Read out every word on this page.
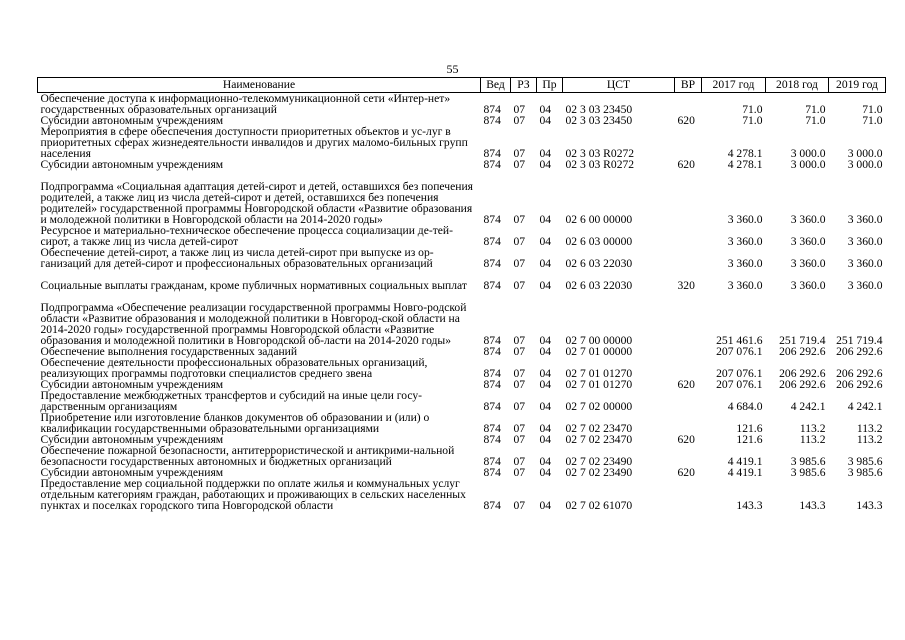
55
Наименование	Вед	РЗ	Пр	ЦСТ	ВР	2017 год	2018 год	2019 год
Обеспечение доступа к информационно-телекоммуникационной сети «Интер-нет» государственных образовательных организаций	874	07	04	02 3 03 23450		71.0	71.0	71.0
Субсидии автономным учреждениям	874	07	04	02 3 03 23450	620	71.0	71.0	71.0
Мероприятия в сфере обеспечения доступности приоритетных объектов и ус-луг в приоритетных сферах жизнедеятельности инвалидов и других маломо-бильных групп населения	874	07	04	02 3 03 R0272		4 278.1	3 000.0	3 000.0
Субсидии автономным учреждениям	874	07	04	02 3 03 R0272	620	4 278.1	3 000.0	3 000.0
Подпрограмма «Социальная адаптация детей-сирот и детей, оставшихся без попечения родителей, а также лиц из числа детей-сирот и детей, оставшихся без попечения родителей» государственной программы Новгородской области «Развитие образования и молодежной политики в Новгородской области на 2014-2020 годы»	874	07	04	02 6 00 00000		3 360.0	3 360.0	3 360.0
Ресурсное и материально-техническое обеспечение процесса социализации де-тей-сирот, а также лиц из числа детей-сирот	874	07	04	02 6 03 00000		3 360.0	3 360.0	3 360.0
Обеспечение детей-сирот, а также лиц из числа детей-сирот при выпуске из ор-ганизаций для детей-сирот и профессиональных образовательных организаций	874	07	04	02 6 03 22030		3 360.0	3 360.0	3 360.0
Социальные выплаты гражданам, кроме публичных нормативных социальных выплат	874	07	04	02 6 03 22030	320	3 360.0	3 360.0	3 360.0
Подпрограмма «Обеспечение реализации государственной программы Новго-родской области «Развитие образования и молодежной политики в Новгород-ской области на 2014-2020 годы» государственной программы Новгородской области «Развитие образования и молодежной политики в Новгородской об-ласти на 2014-2020 годы»	874	07	04	02 7 00 00000		251 461.6	251 719.4	251 719.4
Обеспечение выполнения государственных заданий	874	07	04	02 7 01 00000		207 076.1	206 292.6	206 292.6
Обеспечение деятельности профессиональных образовательных организаций, реализующих программы подготовки специалистов среднего звена	874	07	04	02 7 01 01270		207 076.1	206 292.6	206 292.6
Субсидии автономным учреждениям	874	07	04	02 7 01 01270	620	207 076.1	206 292.6	206 292.6
Предоставление межбюджетных трансфертов и субсидий на иные цели госу-дарственным организациям	874	07	04	02 7 02 00000		4 684.0	4 242.1	4 242.1
Приобретение или изготовление бланков документов об образовании и (или) о квалификации государственными образовательными организациями	874	07	04	02 7 02 23470		121.6	113.2	113.2
Субсидии автономным учреждениям	874	07	04	02 7 02 23470	620	121.6	113.2	113.2
Обеспечение пожарной безопасности, антитеррористической и антикрими-нальной безопасности государственных автономных и бюджетных организаций	874	07	04	02 7 02 23490		4 419.1	3 985.6	3 985.6
Субсидии автономным учреждениям	874	07	04	02 7 02 23490	620	4 419.1	3 985.6	3 985.6
Предоставление мер социальной поддержки по оплате жилья и коммунальных услуг отдельным категориям граждан, работающих и проживающих в сельских населенных пунктах и поселках городского типа Новгородской области	874	07	04	02 7 02 61070		143.3	143.3	143.3
